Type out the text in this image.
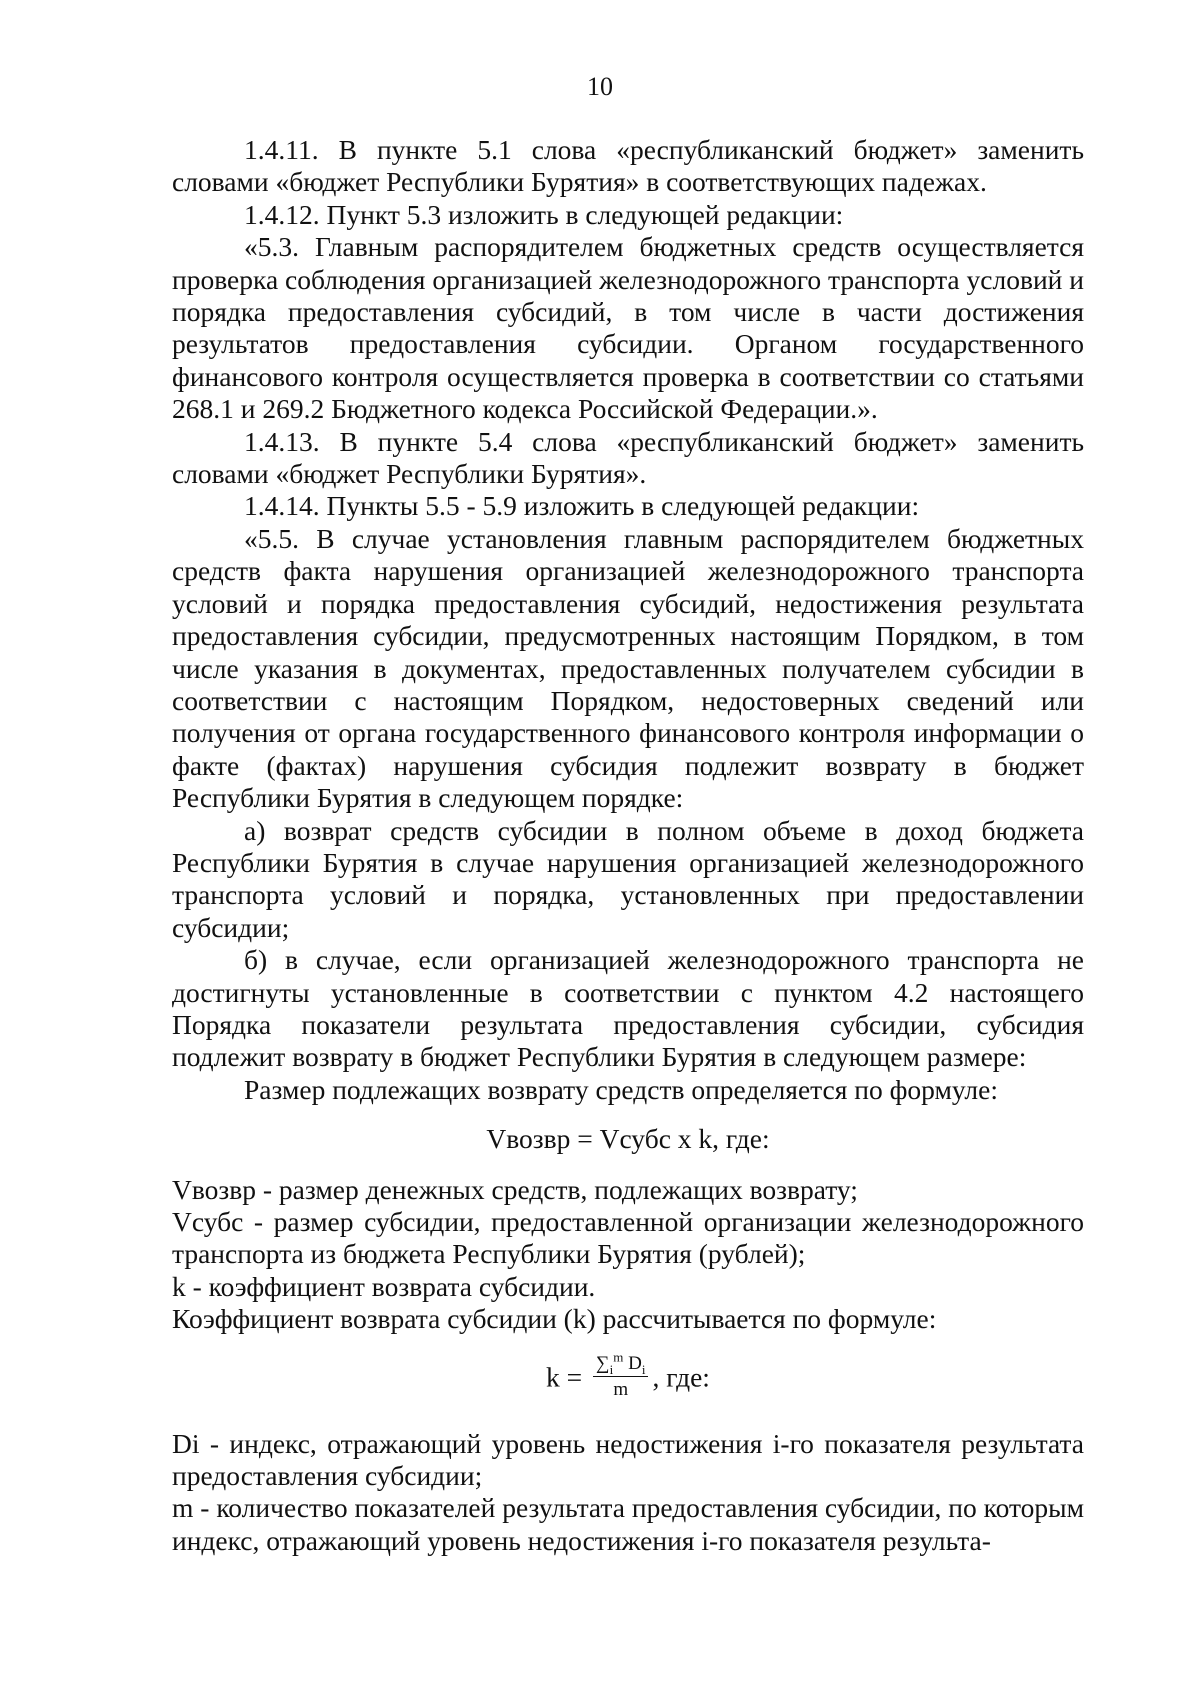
10

1.4.11. В пункте 5.1 слова «республиканский бюджет» заменить словами «бюджет Республики Бурятия» в соответствующих падежах.

1.4.12. Пункт 5.3 изложить в следующей редакции:

«5.3. Главным распорядителем бюджетных средств осуществляется проверка соблюдения организацией железнодорожного транспорта условий и порядка предоставления субсидий, в том числе в части достижения результатов предоставления субсидии. Органом государственного финансового контроля осуществляется проверка в соответствии со статьями 268.1 и 269.2 Бюджетного кодекса Российской Федерации.».

1.4.13. В пункте 5.4 слова «республиканский бюджет» заменить словами «бюджет Республики Бурятия».

1.4.14. Пункты 5.5 - 5.9 изложить в следующей редакции:

«5.5. В случае установления главным распорядителем бюджетных средств факта нарушения организацией железнодорожного транспорта условий и порядка предоставления субсидий, недостижения результата предоставления субсидии, предусмотренных настоящим Порядком, в том числе указания в документах, предоставленных получателем субсидии в соответствии с настоящим Порядком, недостоверных сведений или получения от органа государственного финансового контроля информации о факте (фактах) нарушения субсидия подлежит возврату в бюджет Республики Бурятия в следующем порядке:

а) возврат средств субсидии в полном объеме в доход бюджета Республики Бурятия в случае нарушения организацией железнодорожного транспорта условий и порядка, установленных при предоставлении субсидии;

б) в случае, если организацией железнодорожного транспорта не достигнуты установленные в соответствии с пунктом 4.2 настоящего Порядка показатели результата предоставления субсидии, субсидия подлежит возврату в бюджет Республики Бурятия в следующем размере:

Размер подлежащих возврату средств определяется по формуле:

Vвозвр = Vсубс x k, где:

Vвозвр - размер денежных средств, подлежащих возврату;

Vсубс - размер субсидии, предоставленной организации железнодорожного транспорта из бюджета Республики Бурятия (рублей);

k - коэффициент возврата субсидии.

Коэффициент возврата субсидии (k) рассчитывается по формуле:

$k = \frac{\sum_i^m D_i}{m}$ , где:

Di - индекс, отражающий уровень недостижения i-го показателя результата предоставления субсидии;

m - количество показателей результата предоставления субсидии, по которым индекс, отражающий уровень недостижения i-го показателя результа-
